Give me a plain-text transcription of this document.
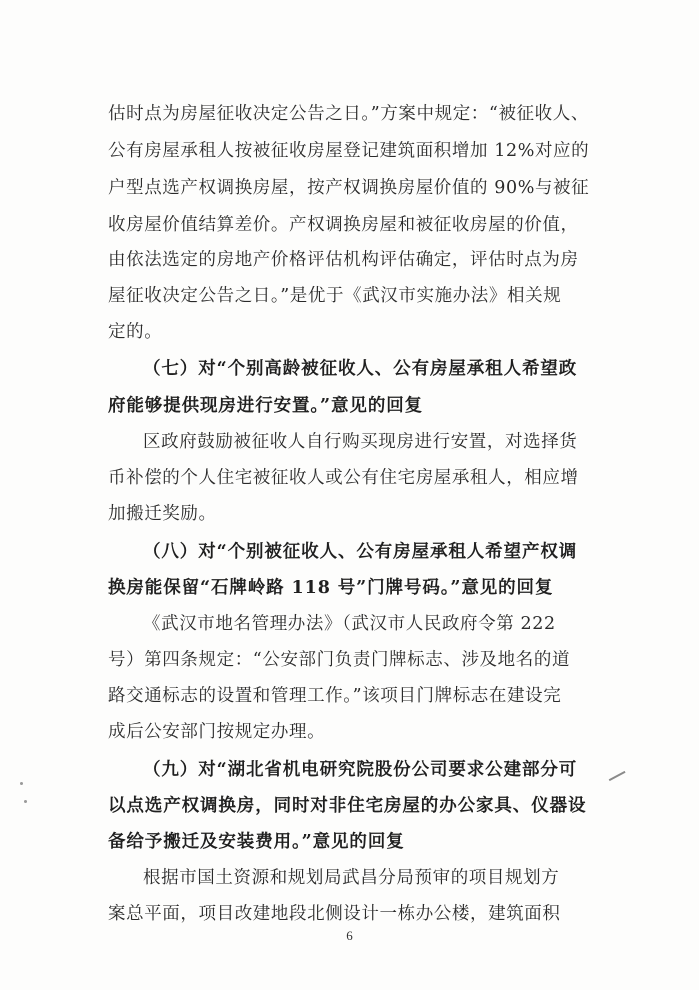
估时点为房屋征收决定公告之日。”方案中规定：“被征收人、
公有房屋承租人按被征收房屋登记建筑面积增加 12%对应的
户型点选产权调换房屋，按产权调换房屋价值的 90%与被征
收房屋价值结算差价。产权调换房屋和被征收房屋的价值，
由依法选定的房地产价格评估机构评估确定，评估时点为房
屋征收决定公告之日。”是优于《武汉市实施办法》相关规
定的。
（七）对“个别高龄被征收人、公有房屋承租人希望政
府能够提供现房进行安置。”意见的回复
区政府鼓励被征收人自行购买现房进行安置，对选择货
币补偿的个人住宅被征收人或公有住宅房屋承租人，相应增
加搬迁奖励。
（八）对“个别被征收人、公有房屋承租人希望产权调
换房能保留“石牌岭路 118 号”门牌号码。”意见的回复
《武汉市地名管理办法》（武汉市人民政府令第 222
号）第四条规定：“公安部门负责门牌标志、涉及地名的道
路交通标志的设置和管理工作。”该项目门牌标志在建设完
成后公安部门按规定办理。
（九）对“湖北省机电研究院股份公司要求公建部分可
以点选产权调换房，同时对非住宅房屋的办公家具、仪器设
备给予搬迁及安装费用。”意见的回复
根据市国土资源和规划局武昌分局预审的项目规划方
案总平面，项目改建地段北侧设计一栋办公楼，建筑面积
6
